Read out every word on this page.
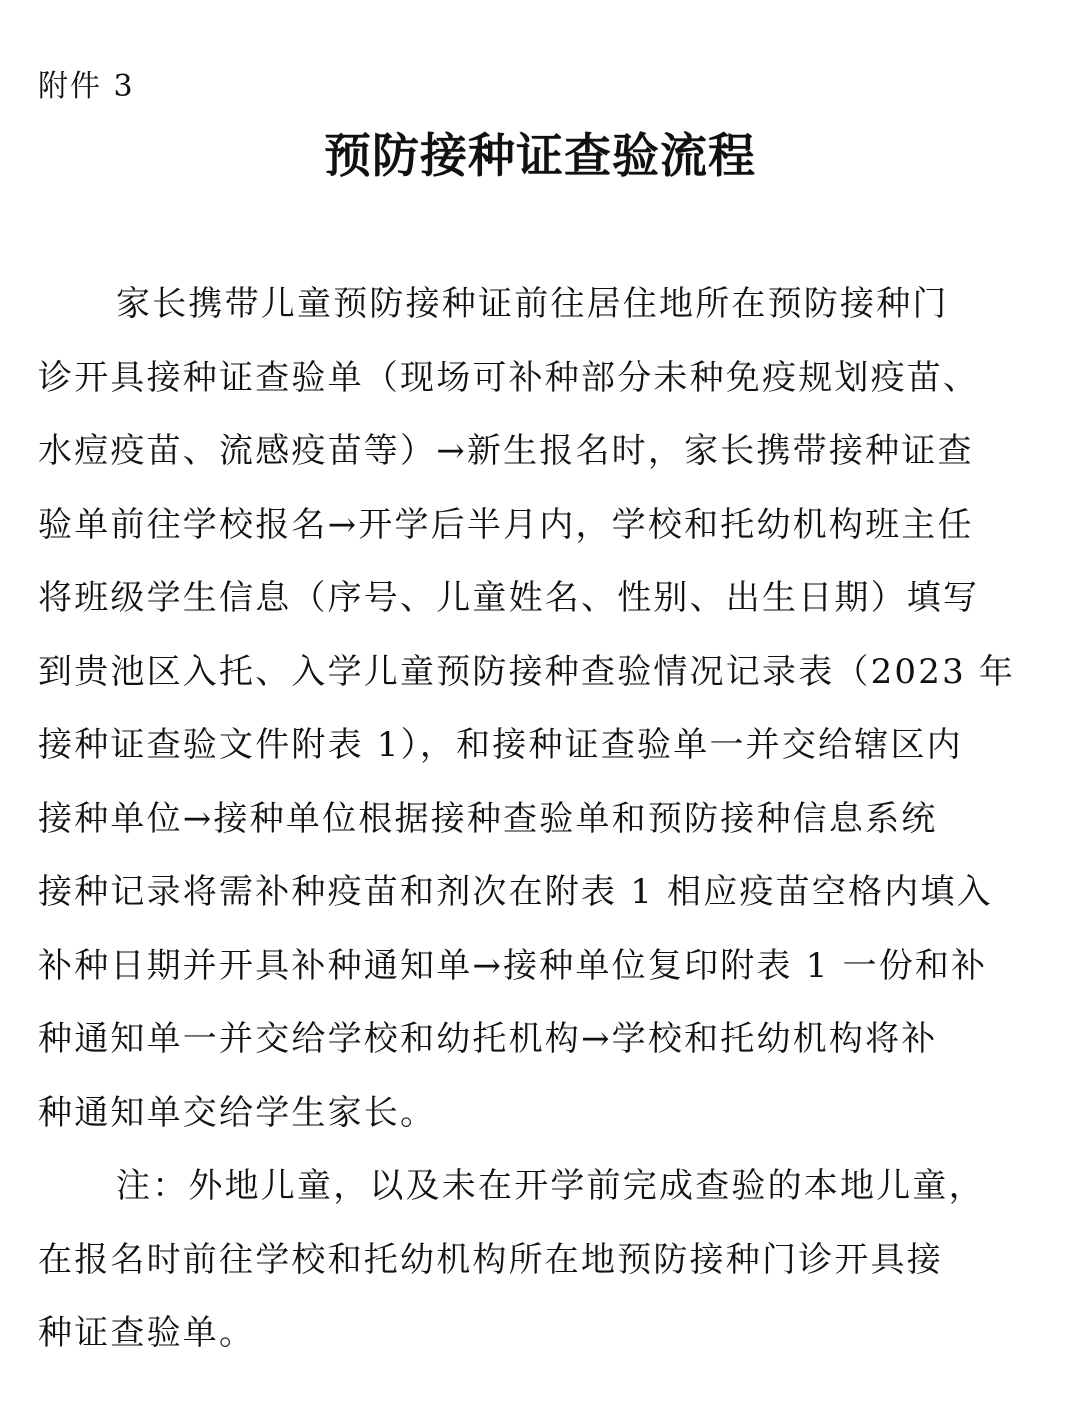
附件 3

预防接种证查验流程
家长携带儿童预防接种证前往居住地所在预防接种门
诊开具接种证查验单（现场可补种部分未种免疫规划疫苗、
水痘疫苗、流感疫苗等）→新生报名时，家长携带接种证查
验单前往学校报名→开学后半月内，学校和托幼机构班主任
将班级学生信息（序号、儿童姓名、性别、出生日期）填写
到贵池区入托、入学儿童预防接种查验情况记录表（2023 年
接种证查验文件附表 1），和接种证查验单一并交给辖区内
接种单位→接种单位根据接种查验单和预防接种信息系统
接种记录将需补种疫苗和剂次在附表 1 相应疫苗空格内填入
补种日期并开具补种通知单→接种单位复印附表 1 一份和补
种通知单一并交给学校和幼托机构→学校和托幼机构将补
种通知单交给学生家长。
注：外地儿童，以及未在开学前完成查验的本地儿童，
在报名时前往学校和托幼机构所在地预防接种门诊开具接
种证查验单。
